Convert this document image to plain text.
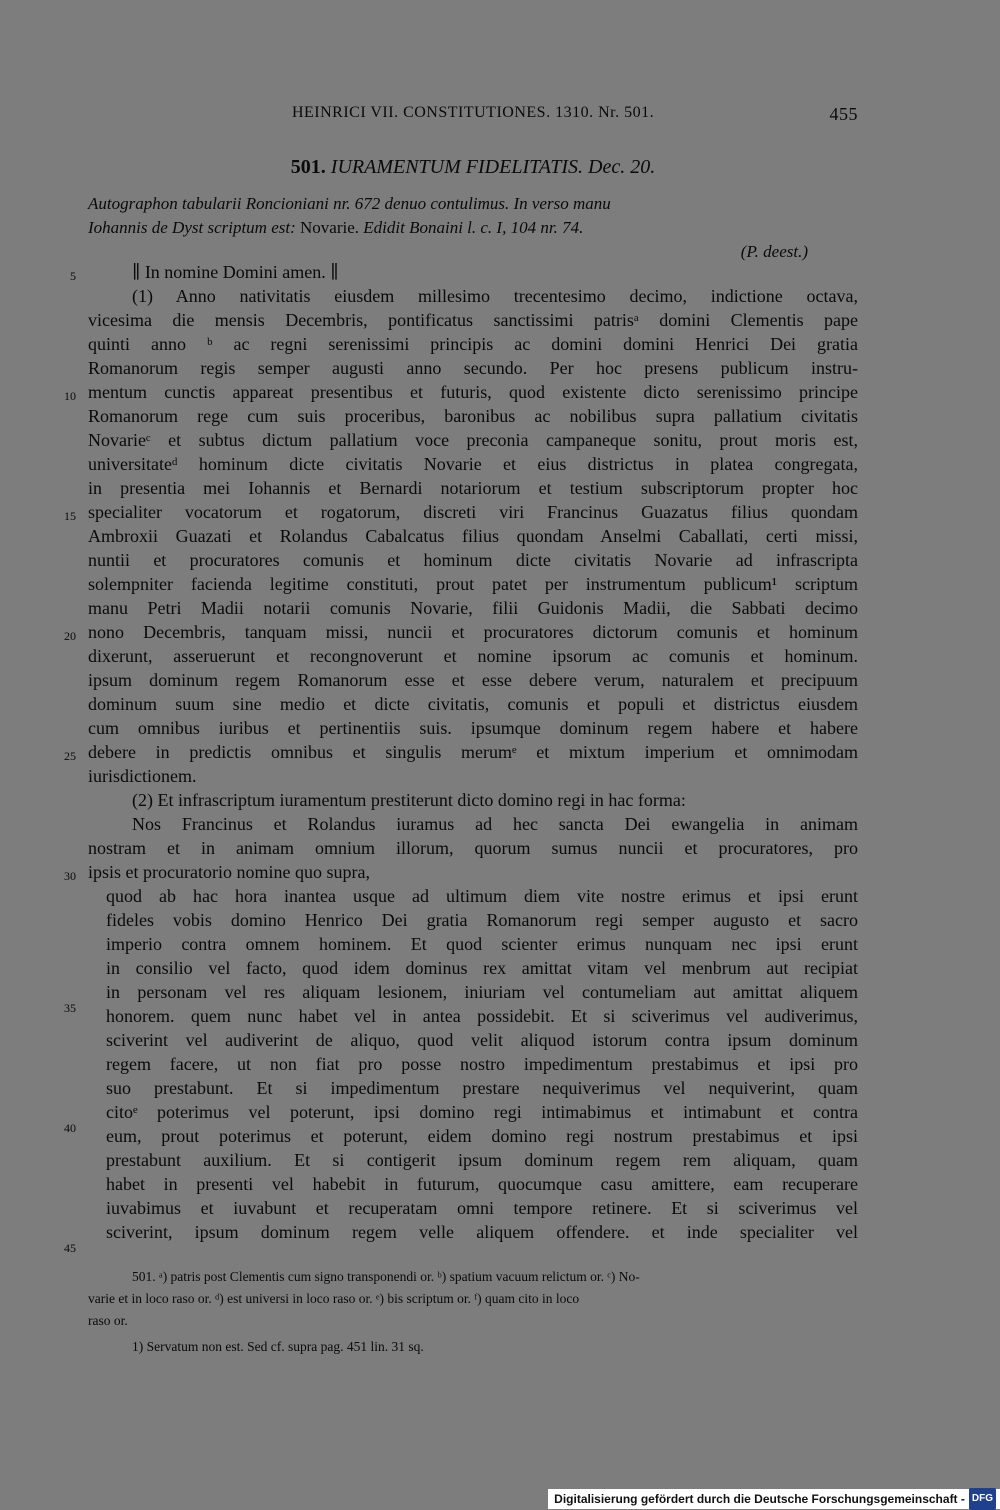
HEINRICI VII. CONSTITUTIONES. 1310. Nr. 501.	455
501. IURAMENTUM FIDELITATIS. Dec. 20.
Autographon tabularii Roncioniani nr. 672 denuo contulimus. In verso manu
Iohannis de Dyst scriptum est: Novarie. Edidit Bonaini l. c. I, 104 nr. 74.
(P. deest.)
5
10
15
20
25
30
35
40
45
∥ In nomine Domini amen. ∥
(1) Anno nativitatis eiusdem millesimo trecentesimo decimo, indictione octava,
vicesima die mensis Decembris, pontificatus sanctissimi patrisᵃ domini Clementis pape
quinti anno ᵇ ac regni serenissimi principis ac domini domini Henrici Dei gratia
Romanorum regis semper augusti anno secundo. Per hoc presens publicum instru-
mentum cunctis appareat presentibus et futuris, quod existente dicto serenissimo principe
Romanorum rege cum suis proceribus, baronibus ac nobilibus supra pallatium civitatis
Novarieᶜ et subtus dictum pallatium voce preconia campaneque sonitu, prout moris est,
universitateᵈ hominum dicte civitatis Novarie et eius districtus in platea congregata,
in presentia mei Iohannis et Bernardi notariorum et testium subscriptorum propter hoc
specialiter vocatorum et rogatorum, discreti viri Francinus Guazatus filius quondam
Ambroxii Guazati et Rolandus Cabalcatus filius quondam Anselmi Caballati, certi missi,
nuntii et procuratores comunis et hominum dicte civitatis Novarie ad infrascripta
solempniter facienda legitime constituti, prout patet per instrumentum publicum¹ scriptum
manu Petri Madii notarii comunis Novarie, filii Guidonis Madii, die Sabbati decimo
nono Decembris, tanquam missi, nuncii et procuratores dictorum comunis et hominum
dixerunt, asseruerunt et recongnoverunt et nomine ipsorum ac comunis et hominum.
ipsum dominum regem Romanorum esse et esse debere verum, naturalem et precipuum
dominum suum sine medio et dicte civitatis, comunis et populi et districtus eiusdem
cum omnibus iuribus et pertinentiis suis. ipsumque dominum regem habere et habere
debere in predictis omnibus et singulis merumᵉ et mixtum imperium et omnimodam
iurisdictionem.
(2) Et infrascriptum iuramentum prestiterunt dicto domino regi in hac forma:
Nos Francinus et Rolandus iuramus ad hec sancta Dei ewangelia in animam
nostram et in animam omnium illorum, quorum sumus nuncii et procuratores, pro
ipsis et procuratorio nomine quo supra,
quod ab hac hora inantea usque ad ultimum diem vite nostre erimus et ipsi erunt
fideles vobis domino Henrico Dei gratia Romanorum regi semper augusto et sacro
imperio contra omnem hominem. Et quod scienter erimus nunquam nec ipsi erunt
in consilio vel facto, quod idem dominus rex amittat vitam vel menbrum aut recipiat
in personam vel res aliquam lesionem, iniuriam vel contumeliam aut amittat aliquem
honorem. quem nunc habet vel in antea possidebit. Et si sciverimus vel audiverimus,
sciverint vel audiverint de aliquo, quod velit aliquod istorum contra ipsum dominum
regem facere, ut non fiat pro posse nostro impedimentum prestabimus et ipsi pro
suo prestabunt. Et si impedimentum prestare nequiverimus vel nequiverint, quam
citoᵉ poterimus vel poterunt, ipsi domino regi intimabimus et intimabunt et contra
eum, prout poterimus et poterunt, eidem domino regi nostrum prestabimus et ipsi
prestabunt auxilium. Et si contigerit ipsum dominum regem rem aliquam, quam
habet in presenti vel habebit in futurum, quocumque casu amittere, eam recuperare
iuvabimus et iuvabunt et recuperatam omni tempore retinere. Et si sciverimus vel
sciverint, ipsum dominum regem velle aliquem offendere. et inde specialiter vel
501. ᵃ) patris post Clementis cum signo transponendi or. ᵇ) spatium vacuum relictum or. ᶜ) No-
varie et in loco raso or. ᵈ) est universi in loco raso or. ᵉ) bis scriptum or. ᶠ) quam cito in loco
raso or.
1) Servatum non est. Sed cf. supra pag. 451 lin. 31 sq.
Digitalisierung gefördert durch die Deutsche Forschungsgemeinschaft - DFG
